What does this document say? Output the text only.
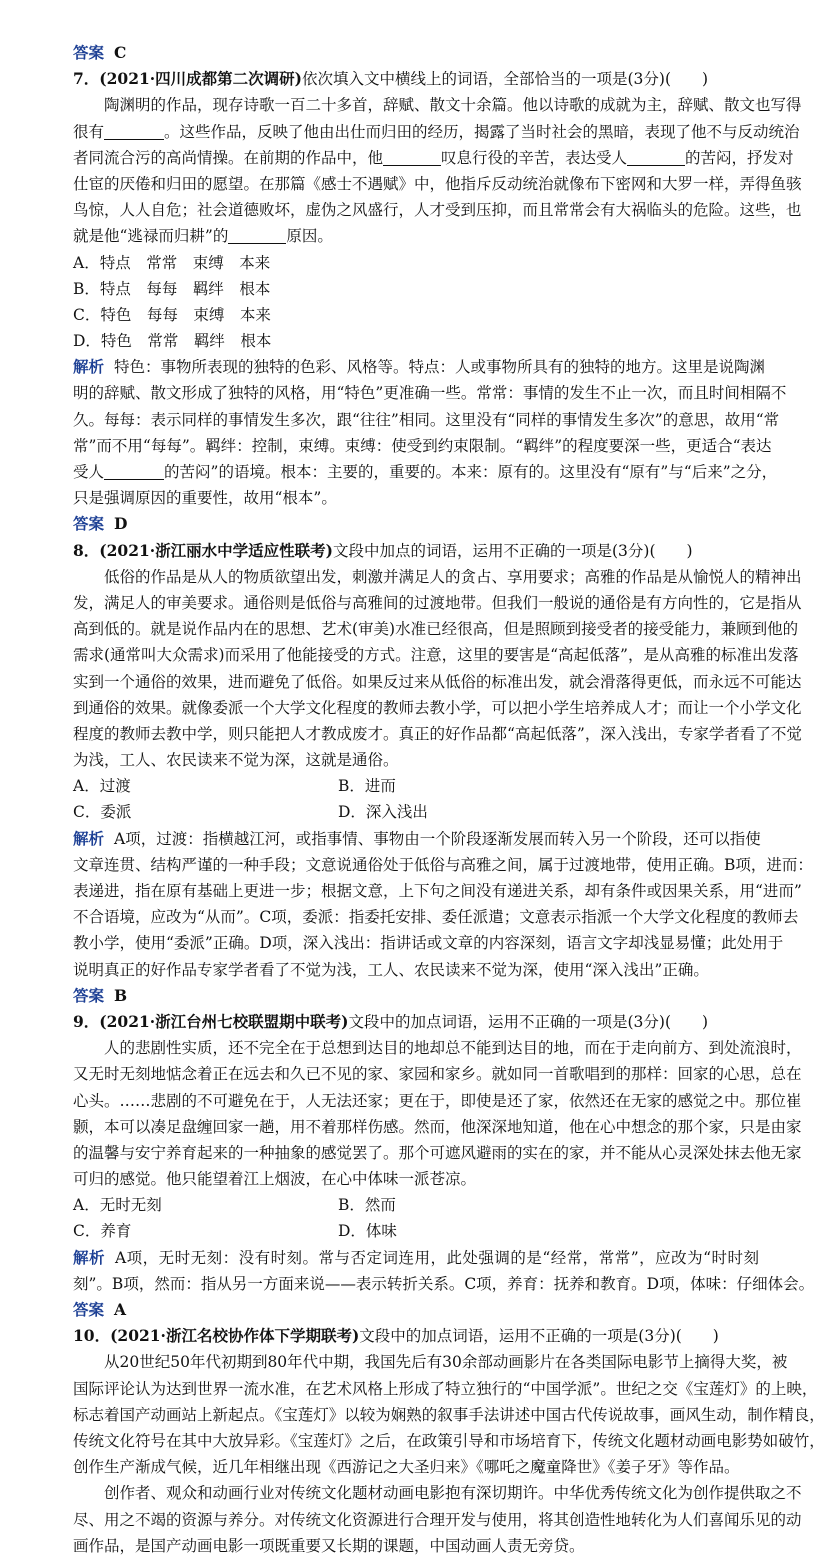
答案 C
7．(2021·四川成都第二次调研)依次填入文中横线上的词语，全部恰当的一项是(3分)(　　)
陶渊明的作品，现存诗歌一百二十多首，辞赋、散文十余篇。他以诗歌的成就为主，辞赋、散文也写得
很有	。这些作品，反映了他由出仕而归田的经历，揭露了当时社会的黑暗，表现了他不与反动统治
者同流合污的高尚情操。在前期的作品中，他	叹息行役的辛苦，表达受人	的苦闷，抒发对
仕宦的厌倦和归田的愿望。在那篇《感士不遇赋》中，他指斥反动统治就像布下密网和大罗一样，弄得鱼骇
鸟惊，人人自危；社会道德败坏，虚伪之风盛行，人才受到压抑，而且常常会有大祸临头的危险。这些，也
就是他“逃禄而归耕”的	原因。
A．特点　常常　束缚　本来
B．特点　每每　羁绊　根本
C．特色　每每　束缚　本来
D．特色　常常　羁绊　根本
解析 特色：事物所表现的独特的色彩、风格等。特点：人或事物所具有的独特的地方。这里是说陶渊
明的辞赋、散文形成了独特的风格，用“特色”更准确一些。常常：事情的发生不止一次，而且时间相隔不
久。每每：表示同样的事情发生多次，跟“往往”相同。这里没有“同样的事情发生多次”的意思，故用“常
常”而不用“每每”。羁绊：控制，束缚。束缚：使受到约束限制。“羁绊”的程度要深一些，更适合“表达
受人	的苦闷”的语境。根本：主要的，重要的。本来：原有的。这里没有“原有”与“后来”之分，
只是强调原因的重要性，故用“根本”。
答案 D
8．(2021·浙江丽水中学适应性联考)文段中加点的词语，运用不正确的一项是(3分)(　　)
低俗的作品是从人的物质欲望出发，刺激并满足人的贪占、享用要求；高雅的作品是从愉悦人的精神出
发，满足人的审美要求。通俗则是低俗与高雅间的过渡地带。但我们一般说的通俗是有方向性的，它是指从
高到低的。就是说作品内在的思想、艺术(审美)水准已经很高，但是照顾到接受者的接受能力，兼顾到他的
需求(通常叫大众需求)而采用了他能接受的方式。注意，这里的要害是“高起低落”，是从高雅的标准出发落
实到一个通俗的效果，进而避免了低俗。如果反过来从低俗的标准出发，就会滑落得更低，而永远不可能达
到通俗的效果。就像委派一个大学文化程度的教师去教小学，可以把小学生培养成人才；而让一个小学文化
程度的教师去教中学，则只能把人才教成废才。真正的好作品都“高起低落”，深入浅出，专家学者看了不觉
为浅，工人、农民读来不觉为深，这就是通俗。
A．过渡	B．进而
C．委派	D．深入浅出
解析 A项，过渡：指横越江河，或指事情、事物由一个阶段逐渐发展而转入另一个阶段，还可以指使
文章连贯、结构严谨的一种手段；文意说通俗处于低俗与高雅之间，属于过渡地带，使用正确。B项，进而：
表递进，指在原有基础上更进一步；根据文意，上下句之间没有递进关系，却有条件或因果关系，用“进而”
不合语境，应改为“从而”。C项，委派：指委托安排、委任派遣；文意表示指派一个大学文化程度的教师去
教小学，使用“委派”正确。D项，深入浅出：指讲话或文章的内容深刻，语言文字却浅显易懂；此处用于
说明真正的好作品专家学者看了不觉为浅，工人、农民读来不觉为深，使用“深入浅出”正确。
答案 B
9．(2021·浙江台州七校联盟期中联考)文段中的加点词语，运用不正确的一项是(3分)(　　)
人的悲剧性实质，还不完全在于总想到达目的地却总不能到达目的地，而在于走向前方、到处流浪时，
又无时无刻地惦念着正在远去和久已不见的家、家园和家乡。就如同一首歌唱到的那样：回家的心思，总在
心头。……悲剧的不可避免在于，人无法还家；更在于，即使是还了家，依然还在无家的感觉之中。那位崔
颢，本可以凑足盘缠回家一趟，用不着那样伤感。然而，他深深地知道，他在心中想念的那个家，只是由家
的温馨与安宁养育起来的一种抽象的感觉罢了。那个可遮风避雨的实在的家，并不能从心灵深处抹去他无家
可归的感觉。他只能望着江上烟波，在心中体味一派苍凉。
A．无时无刻	B．然而
C．养育	D．体味
解析 A项，无时无刻：没有时刻。常与否定词连用，此处强调的是“经常，常常”，应改为“时时刻
刻”。B项，然而：指从另一方面来说——表示转折关系。C项，养育：抚养和教育。D项，体味：仔细体会。
答案 A
10．(2021·浙江名校协作体下学期联考)文段中的加点词语，运用不正确的一项是(3分)(　　)
从20世纪50年代初期到80年代中期，我国先后有30余部动画影片在各类国际电影节上摘得大奖，被
国际评论认为达到世界一流水准，在艺术风格上形成了特立独行的“中国学派”。世纪之交《宝莲灯》的上映，
标志着国产动画站上新起点。《宝莲灯》以较为娴熟的叙事手法讲述中国古代传说故事，画风生动，制作精良，
传统文化符号在其中大放异彩。《宝莲灯》之后，在政策引导和市场培育下，传统文化题材动画电影势如破竹，
创作生产渐成气候，近几年相继出现《西游记之大圣归来》《哪吒之魔童降世》《姜子牙》等作品。
创作者、观众和动画行业对传统文化题材动画电影抱有深切期许。中华优秀传统文化为创作提供取之不
尽、用之不竭的资源与养分。对传统文化资源进行合理开发与使用，将其创造性地转化为人们喜闻乐见的动
画作品，是国产动画电影一项既重要又长期的课题，中国动画人责无旁贷。
